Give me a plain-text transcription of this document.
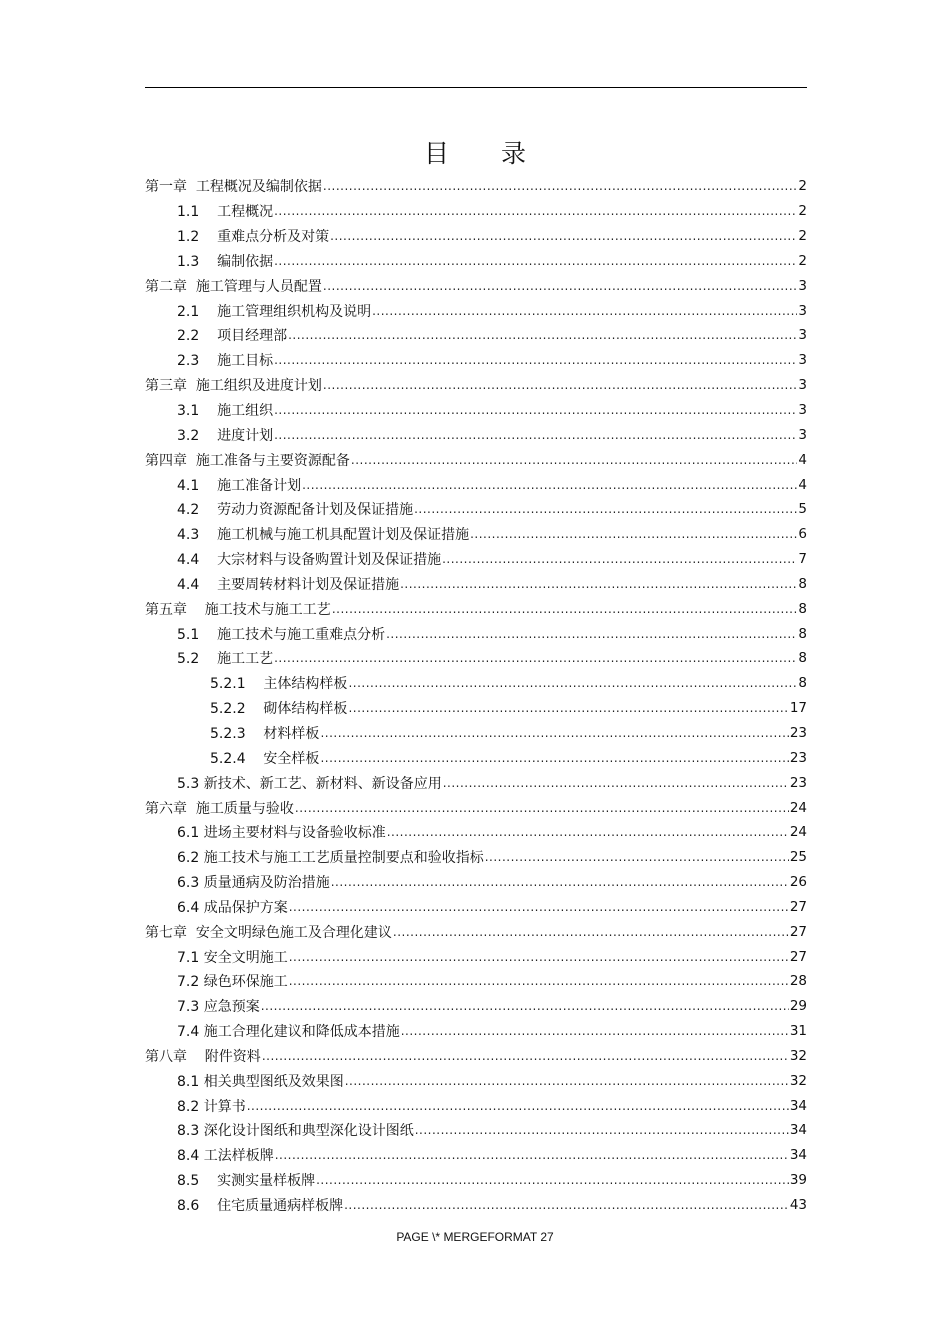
目 录
第一章  工程概况及编制依据 .....	2
1.1    工程概况 .....	2
1.2    重难点分析及对策 .....	2
1.3    编制依据 .....	2
第二章  施工管理与人员配置 .....	3
2.1    施工管理组织机构及说明 .....	3
2.2    项目经理部 .....	3
2.3    施工目标 .....	3
第三章  施工组织及进度计划 .....	3
3.1    施工组织 .....	3
3.2    进度计划 .....	3
第四章  施工准备与主要资源配备 .....	4
4.1    施工准备计划 .....	4
4.2    劳动力资源配备计划及保证措施 .....	5
4.3    施工机械与施工机具配置计划及保证措施 .....	6
4.4    大宗材料与设备购置计划及保证措施 .....	7
4.4    主要周转材料计划及保证措施 .....	8
第五章    施工技术与施工工艺 .....	8
5.1    施工技术与施工重难点分析 .....	8
5.2    施工工艺 .....	8
5.2.1    主体结构样板 .....	8
5.2.2    砌体结构样板 .....	17
5.2.3    材料样板 .....	23
5.2.4    安全样板 .....	23
5.3 新技术、新工艺、新材料、新设备应用 .....	23
第六章  施工质量与验收 .....	24
6.1 进场主要材料与设备验收标准 .....	24
6.2 施工技术与施工工艺质量控制要点和验收指标 .....	25
6.3 质量通病及防治措施 .....	26
6.4 成品保护方案 .....	27
第七章  安全文明绿色施工及合理化建议 .....	27
7.1 安全文明施工 .....	27
7.2 绿色环保施工 .....	28
7.3 应急预案 .....	29
7.4 施工合理化建议和降低成本措施 .....	31
第八章    附件资料 .....	32
8.1 相关典型图纸及效果图 .....	32
8.2 计算书 .....	34
8.3 深化设计图纸和典型深化设计图纸 .....	34
8.4 工法样板牌 .....	34
8.5    实测实量样板牌 .....	39
8.6    住宅质量通病样板牌 .....	43
PAGE \* MERGEFORMAT 27
